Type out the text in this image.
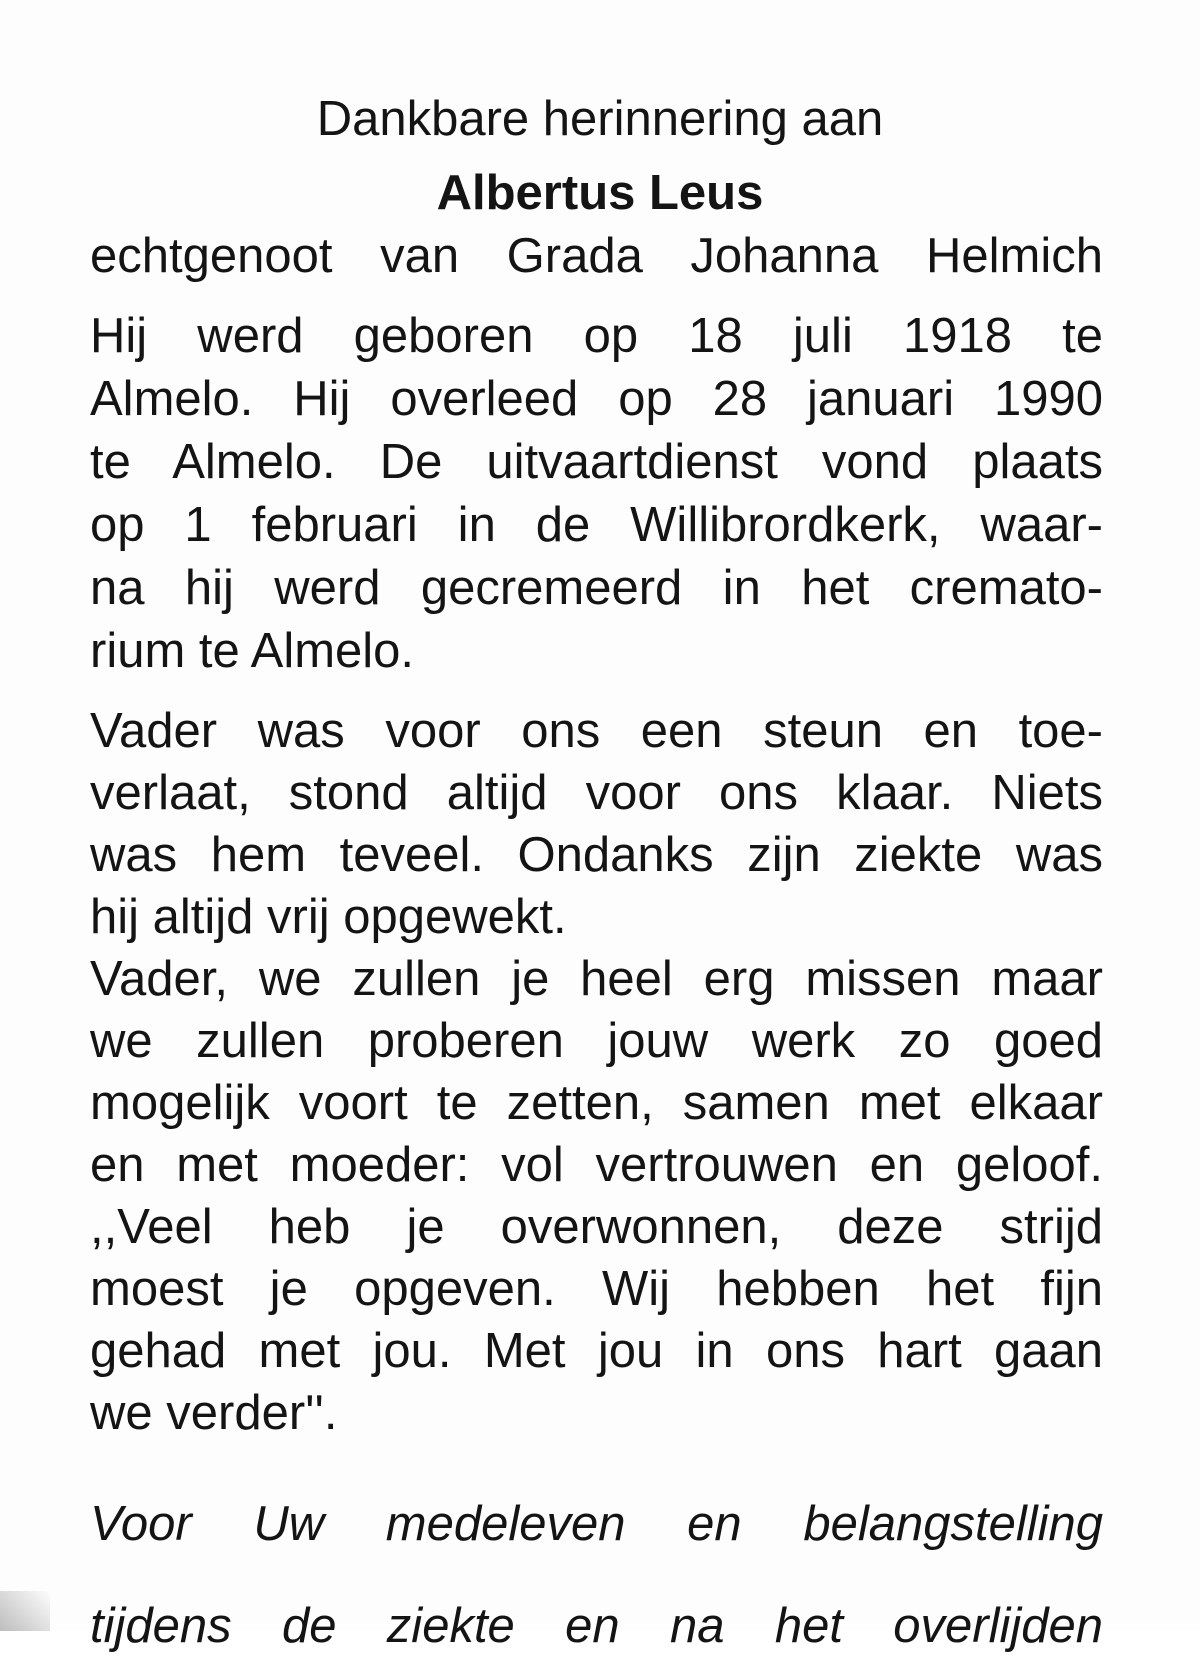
Dankbare herinnering aan
Albertus Leus
echtgenoot van Grada Johanna Helmich
Hij werd geboren op 18 juli 1918 te
Almelo. Hij overleed op 28 januari 1990
te Almelo. De uitvaartdienst vond plaats
op 1 februari in de Willibrordkerk, waar-
na hij werd gecremeerd in het cremato-
rium te Almelo.
Vader was voor ons een steun en toe-
verlaat, stond altijd voor ons klaar. Niets
was hem teveel. Ondanks zijn ziekte was
hij altijd vrij opgewekt.
Vader, we zullen je heel erg missen maar
we zullen proberen jouw werk zo goed
mogelijk voort te zetten, samen met elkaar
en met moeder: vol vertrouwen en geloof.
,,Veel heb je overwonnen, deze strijd
moest je opgeven. Wij hebben het fijn
gehad met jou. Met jou in ons hart gaan
we verder''.
Voor Uw medeleven en belangstelling
tijdens de ziekte en na het overlijden
